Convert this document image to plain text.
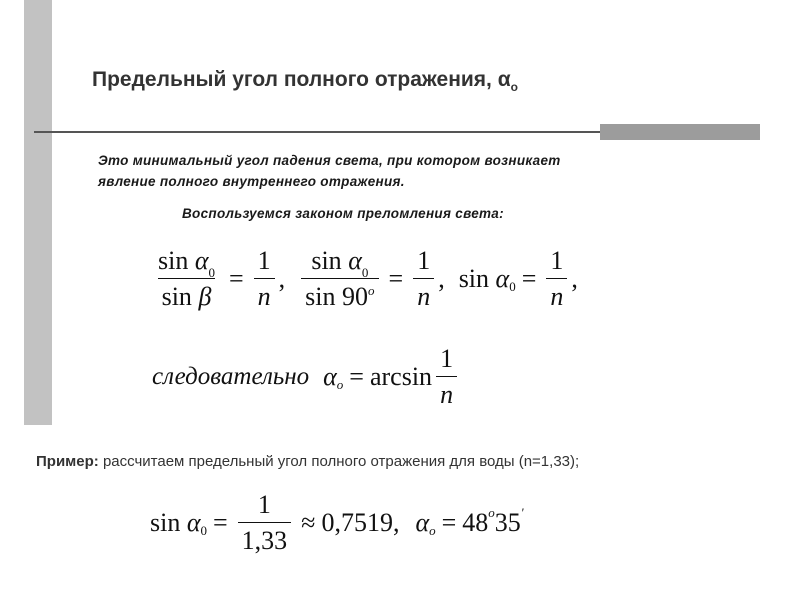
Предельный угол полного отражения, $\alpha_o$
Это минимальный угол падения света, при котором возникает
явление полного внутреннего отражения.
Воспользуемся законом преломления света:
$\frac{\sin \alpha_0}{\text{sin β}} = \frac{1}{n}$ , $\frac{\sin \alpha_0}{\sin 90^o} = \frac{1}{n}$ , sin
α $0 = \frac{1}{n}$ ,
следовательно α $o = \arcsin \frac{1}{n}$
Пример: рассчитаем предельный угол полного отражения для воды (n=1,33);
sin
α $0 = \frac{1}{1,33} \approx 0,7519$ , α o = 48 o 35 '
